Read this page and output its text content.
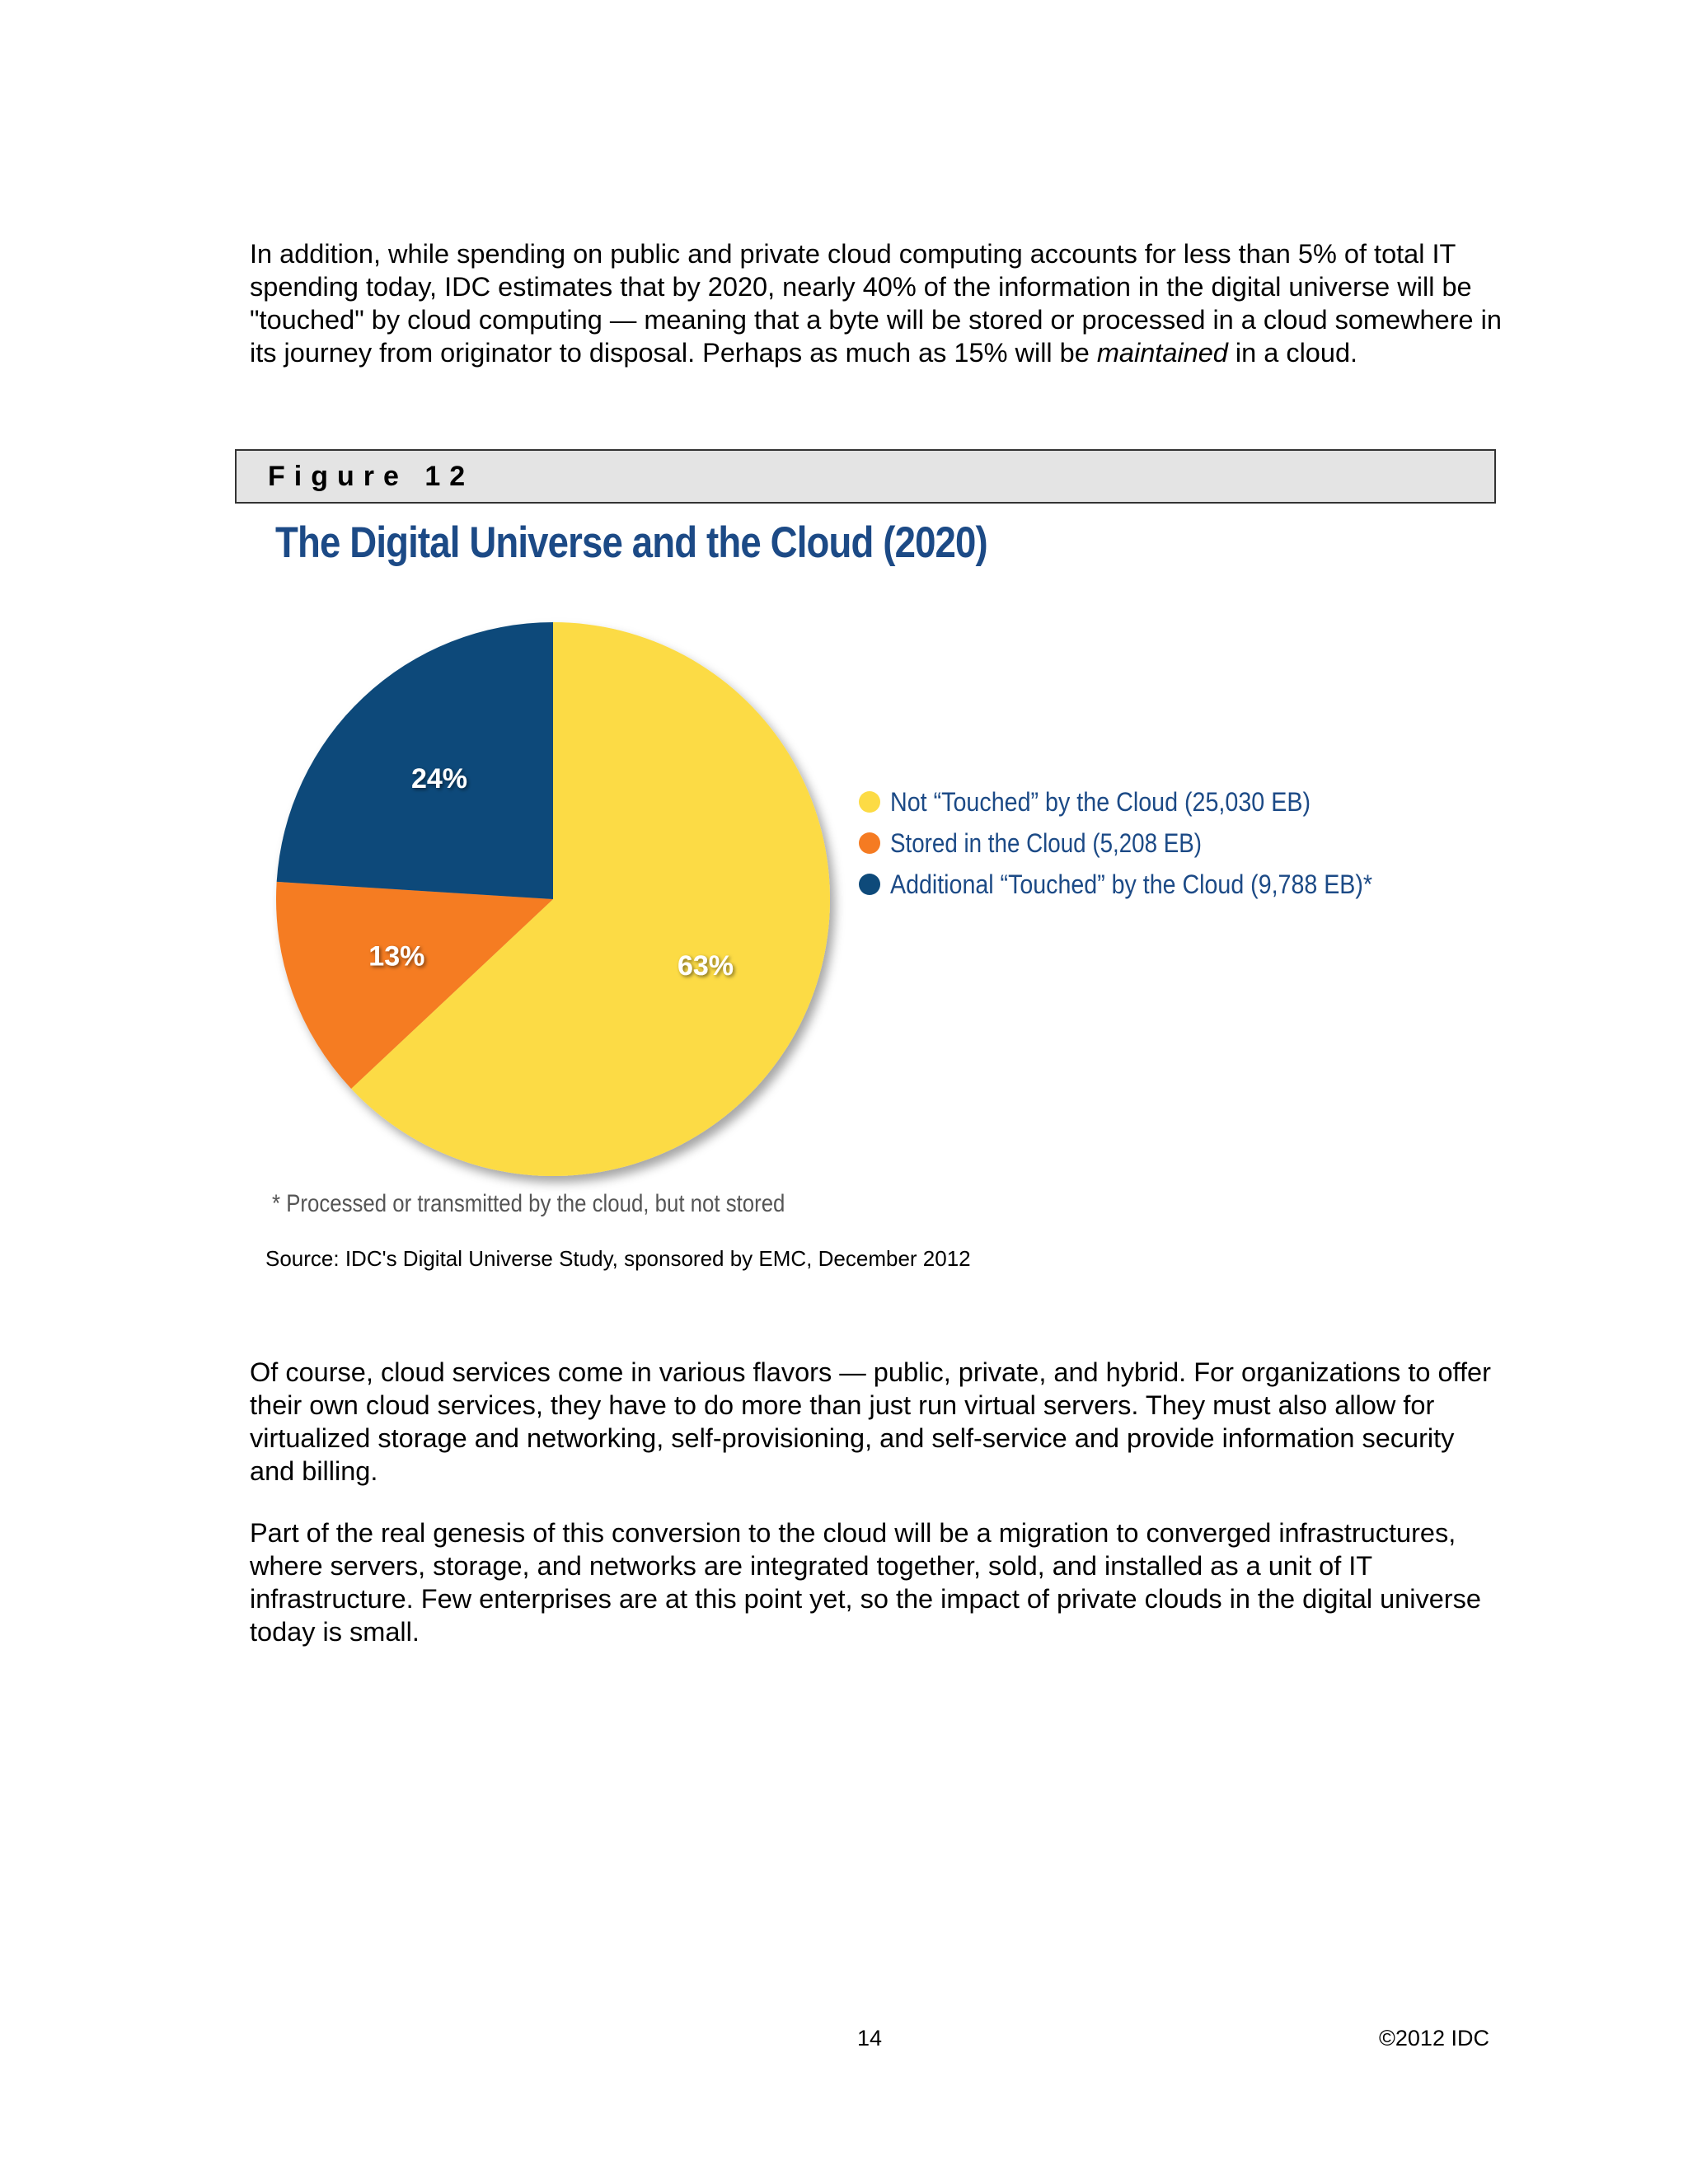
In addition, while spending on public and private cloud computing accounts for less than 5% of total IT spending today, IDC estimates that by 2020, nearly 40% of the information in the digital universe will be "touched" by cloud computing — meaning that a byte will be stored or processed in a cloud somewhere in its journey from originator to disposal. Perhaps as much as 15% will be maintained in a cloud.

Figure 12
The Digital Universe and the Cloud (2020)
63%
13%
24%
Not “Touched” by the Cloud (25,030 EB)
Stored in the Cloud (5,208 EB)
Additional “Touched” by the Cloud (9,788 EB)*
* Processed or transmitted by the cloud, but not stored
Source: IDC's Digital Universe Study, sponsored by EMC, December 2012

Of course, cloud services come in various flavors — public, private, and hybrid. For organizations to offer their own cloud services, they have to do more than just run virtual servers. They must also allow for virtualized storage and networking, self-provisioning, and self-service and provide information security and billing.

Part of the real genesis of this conversion to the cloud will be a migration to converged infrastructures, where servers, storage, and networks are integrated together, sold, and installed as a unit of IT infrastructure. Few enterprises are at this point yet, so the impact of private clouds in the digital universe today is small.

14	©2012 IDC
